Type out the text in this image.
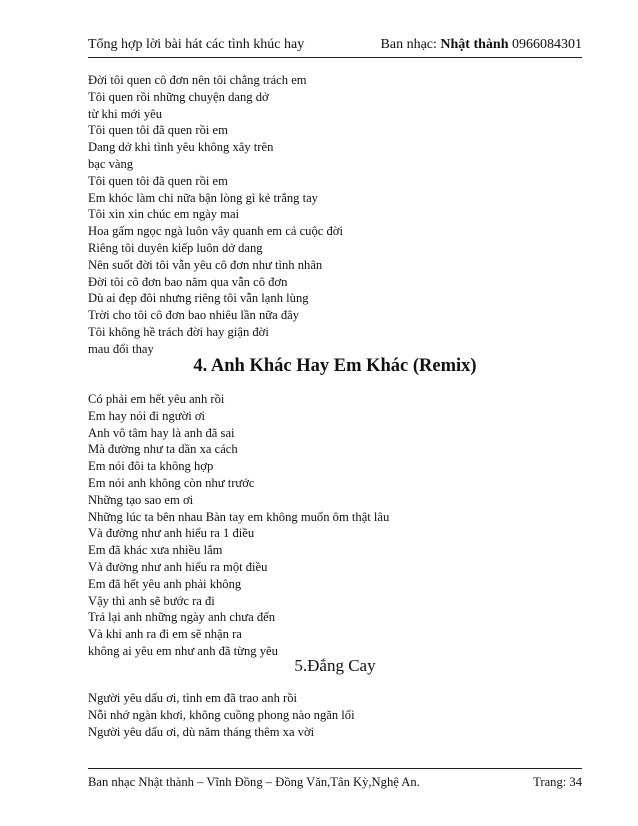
Tổng hợp lời bài hát các tình khúc hay	Ban nhạc: Nhật thành 0966084301
Đời tôi quen cô đơn nên tôi chẳng trách em
Tôi quen rồi những chuyện dang dở
từ khi mới yêu
Tôi quen tôi đã quen rồi em
Dang dở khi tình yêu không xây trên
bạc vàng
Tôi quen tôi đã quen rồi em
Em khóc làm chi nữa bận lòng gì kẻ trắng tay
Tôi xin xin chúc em ngày mai
Hoa gấm ngọc ngà luôn vây quanh em cả cuộc đời
Riêng tôi duyên kiếp luôn dở dang
Nên suốt đời tôi vẫn yêu cô đơn như tình nhân
Đời tôi cô đơn bao năm qua vẫn cô đơn
Dù ai đẹp đôi nhưng riêng tôi vẫn lạnh lùng
Trời cho tôi cô đơn bao nhiêu lần nữa đây
Tôi không hề trách đời hay giận đời
mau đổi thay
4. Anh Khác Hay Em Khác (Remix)
Có phải em hết yêu anh rồi
Em hay nói đi người ơi
Anh vô tâm hay là anh đã sai
Mà đường như ta dần xa cách
Em nói đôi ta không hợp
Em nói anh không còn như trước
Những tạo sao em ơi
Những lúc ta bên nhau Bàn tay em không muốn ôm thật lâu
Và đường như anh hiểu ra 1 điều
Em đã khác xưa nhiều lắm
Và đường như anh hiểu ra một điều
Em đã hết yêu anh phải không
Vậy thì anh sẽ bước ra đi
Trả lại anh những ngày anh chưa đến
Và khi anh ra đi em sẽ nhận ra
không ai yêu em như anh đã từng yêu
5.Đắng Cay
Người yêu dấu ơi, tình em đã trao anh rồi
Nỗi nhớ ngàn khơi, không cuồng phong nào ngăn lối
Người yêu dấu ơi, dù năm tháng thêm xa vời
Ban nhạc Nhật thành – Vĩnh Đồng – Đồng Văn,Tân Kỳ,Nghệ An.	Trang: 34
